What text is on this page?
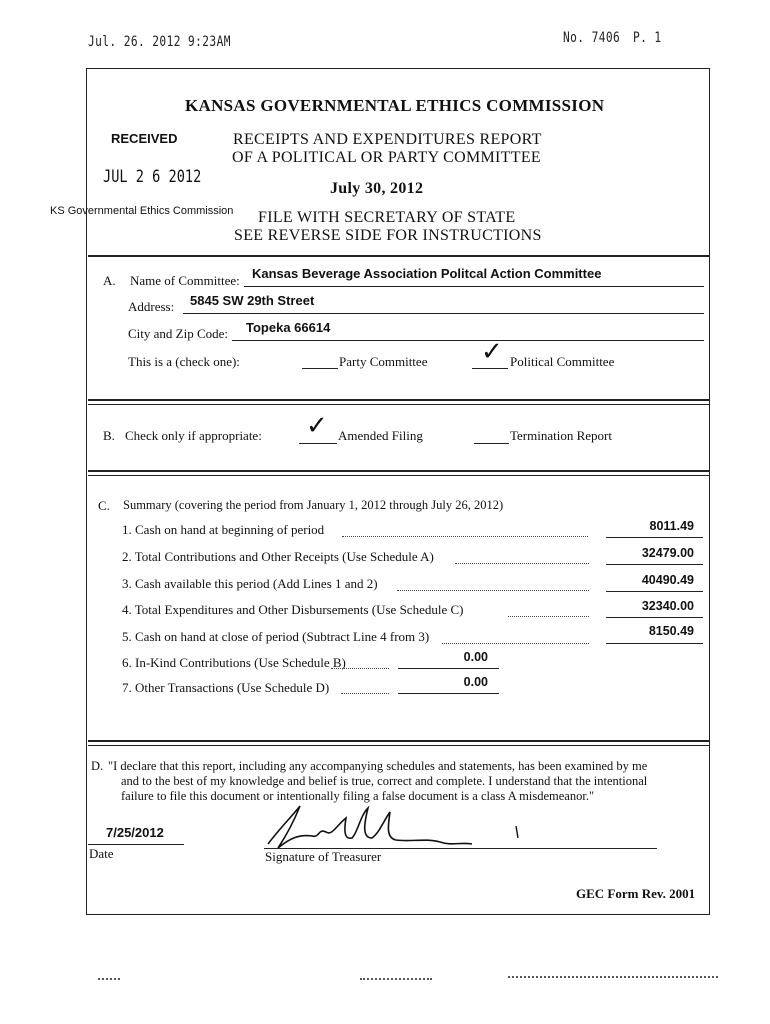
Jul. 26. 2012 9:23AM	No. 7406 P. 1
KANSAS GOVERNMENTAL ETHICS COMMISSION
RECEIPTS AND EXPENDITURES REPORT
OF A POLITICAL OR PARTY COMMITTEE
July 30, 2012
FILE WITH SECRETARY OF STATE
SEE REVERSE SIDE FOR INSTRUCTIONS
RECEIVED
JUL 2 6 2012
KS Governmental Ethics Commission
A. Name of Committee: Kansas Beverage Association Politcal Action Committee
Address: 5845 SW 29th Street
City and Zip Code: Topeka 66614
This is a (check one):	Party Committee ✓ Political Committee
B. Check only if appropriate: ✓ Amended Filing	Termination Report
C. Summary (covering the period from January 1, 2012 through July 26, 2012)
1. Cash on hand at beginning of period	8011.49
2. Total Contributions and Other Receipts (Use Schedule A)	32479.00
3. Cash available this period (Add Lines 1 and 2)	40490.49
4. Total Expenditures and Other Disbursements (Use Schedule C)	32340.00
5. Cash on hand at close of period (Subtract Line 4 from 3)	8150.49
6. In-Kind Contributions (Use Schedule B)	0.00
7. Other Transactions (Use Schedule D)	0.00
D. "I declare that this report, including any accompanying schedules and statements, has been examined by me
and to the best of my knowledge and belief is true, correct and complete. I understand that the intentional
failure to file this document or intentionally filing a false document is a class A misdemeanor."
7/25/2012
Date	Signature of Treasurer
GEC Form Rev. 2001
